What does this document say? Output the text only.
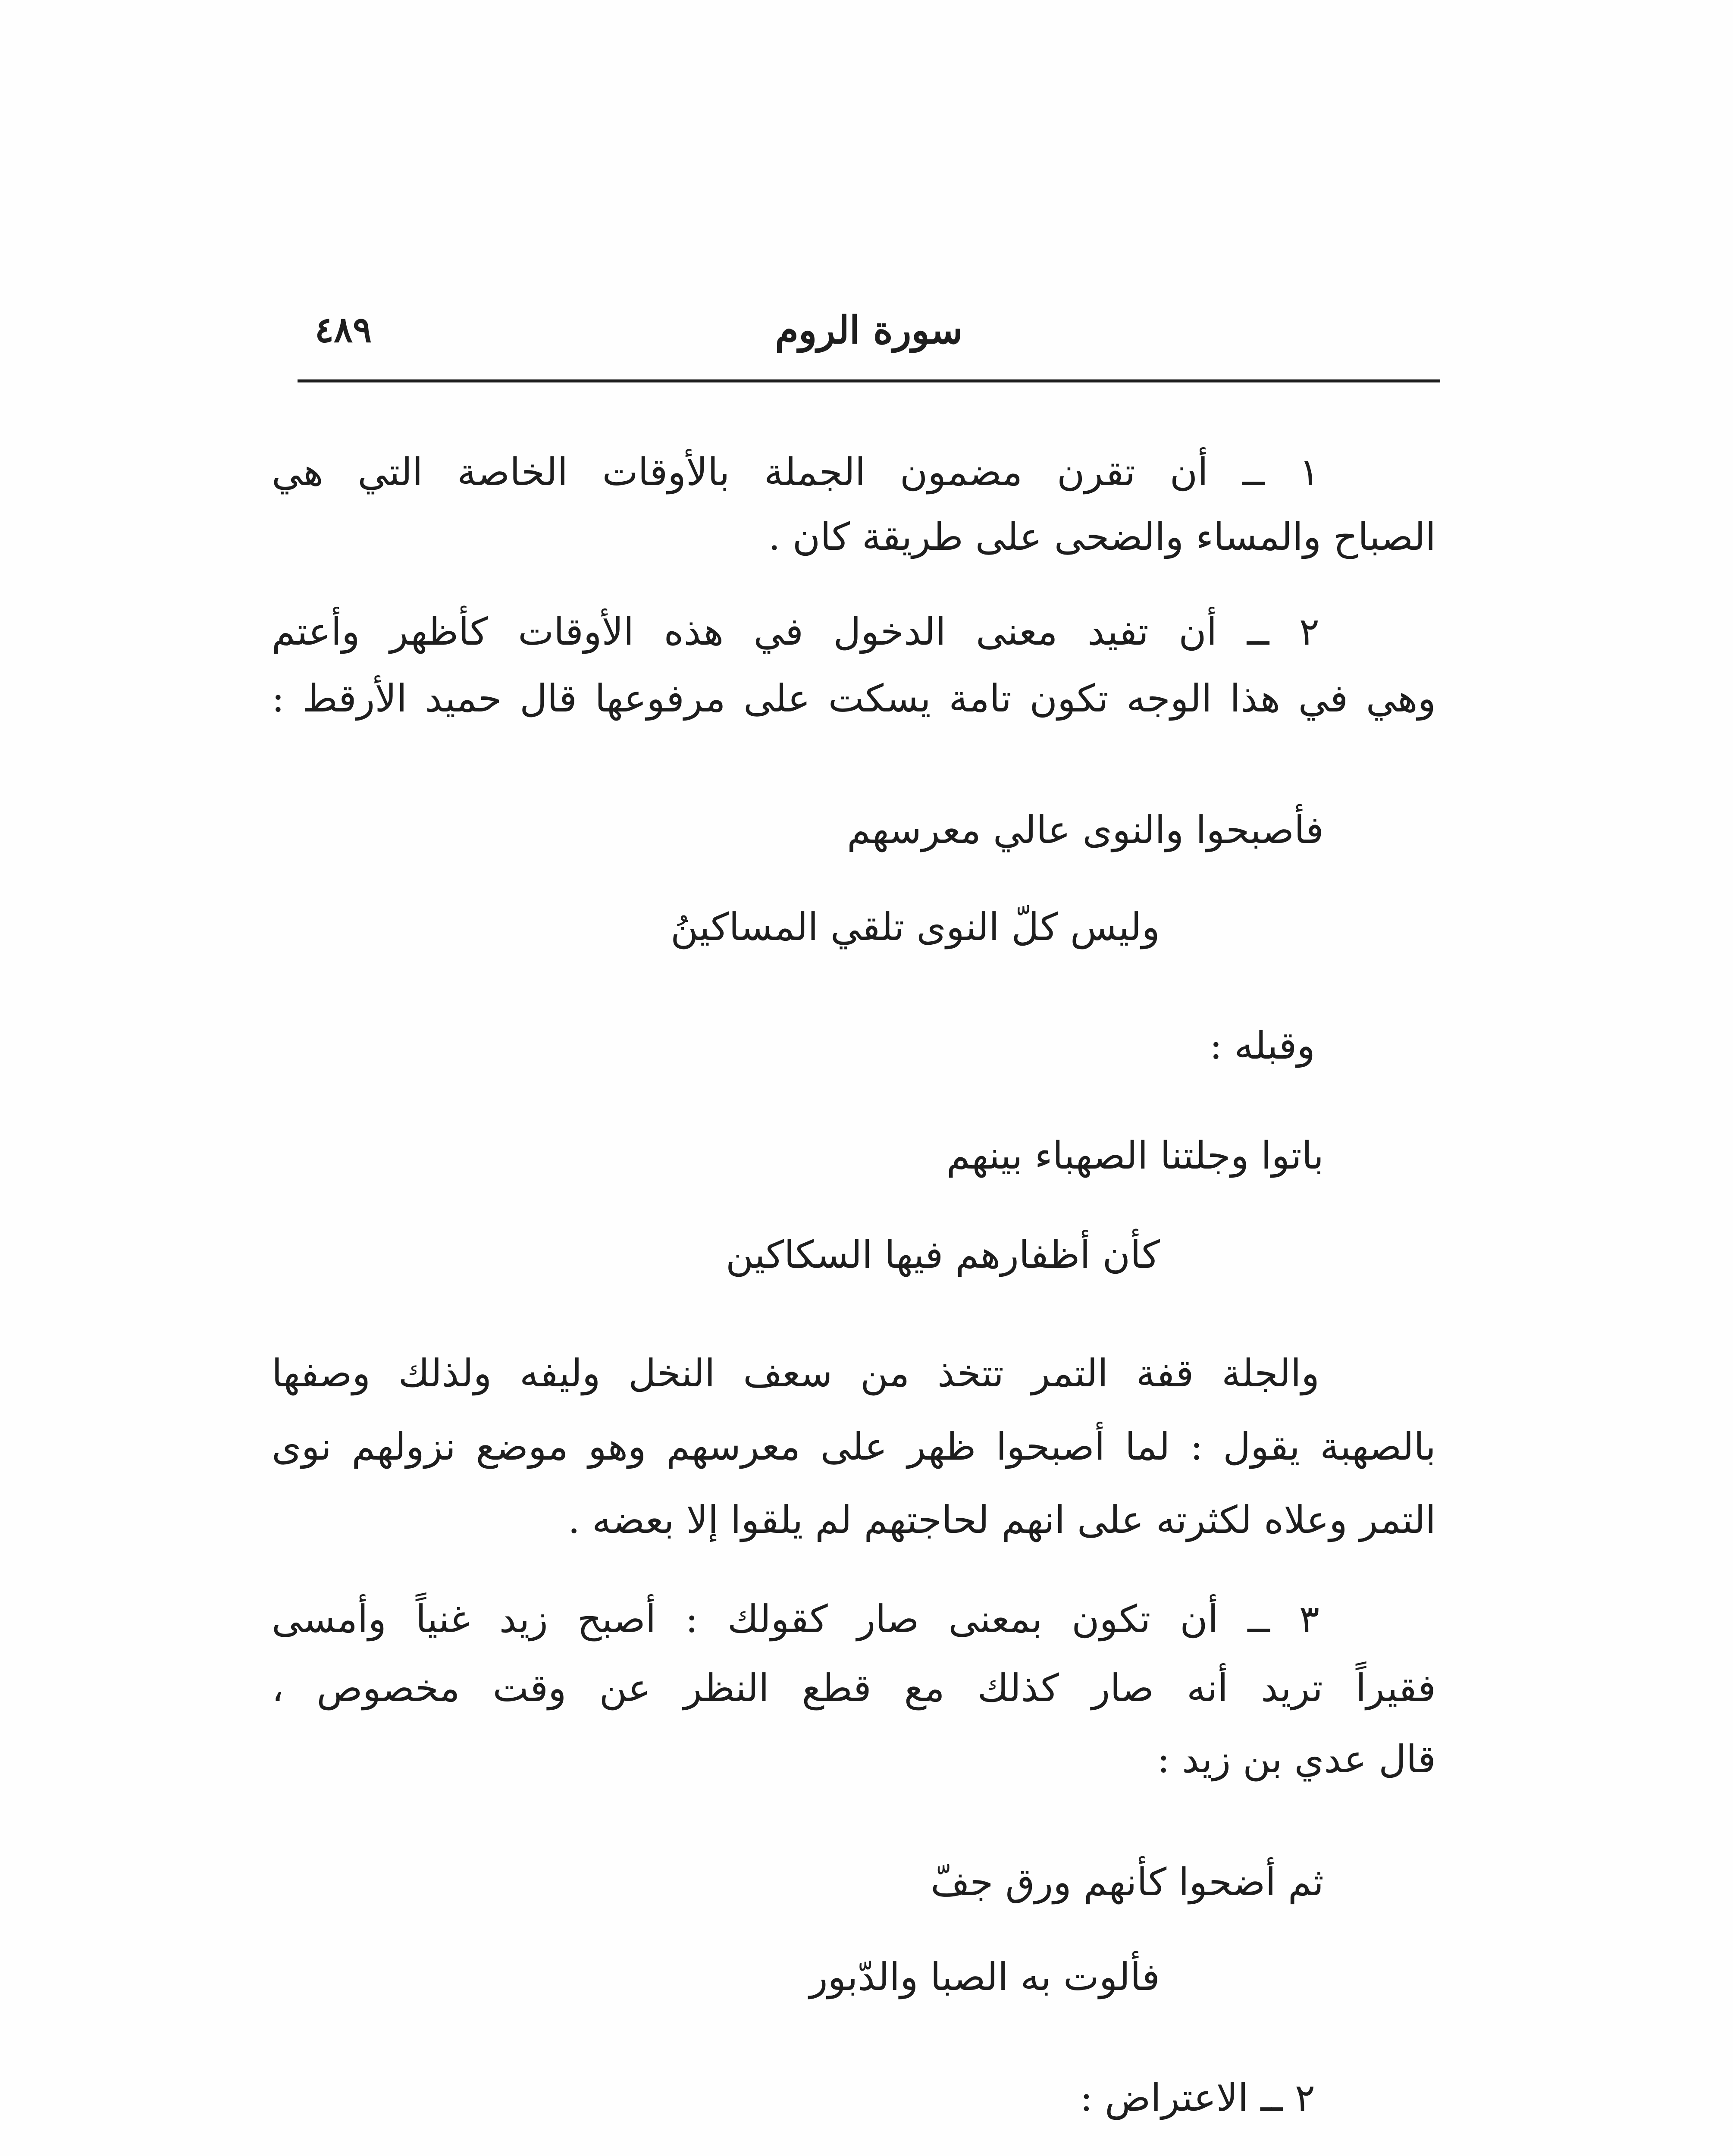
سورة الروم
٤٨٩
١ ــ أن تقرن مضمون الجملة بالأوقات الخاصة التي هي
الصباح والمساء والضحى على طريقة كان .
٢ ــ أن تفيد معنى الدخول في هذه الأوقات كأظهر وأعتم
وهي في هذا الوجه تكون تامة يسكت على مرفوعها قال حميد الأرقط :
فأصبحوا والنوى عالي معرسهم
وليس كلّ النوى تلقي المساكينُ
وقبله :
باتوا وجلتنا الصهباء بينهم
كأن أظفارهم فيها السكاكين
والجلة قفة التمر تتخذ من سعف النخل وليفه ولذلك وصفها
بالصهبة يقول : لما أصبحوا ظهر على معرسهم وهو موضع نزولهم نوى
التمر وعلاه لكثرته على انهم لحاجتهم لم يلقوا إلا بعضه .
٣ ــ أن تكون بمعنى صار كقولك : أصبح زيد غنياً وأمسى
فقيراً تريد أنه صار كذلك مع قطع النظر عن وقت مخصوص ،
قال عدي بن زيد :
ثم أضحوا كأنهم ورق جفّ
فألوت به الصبا والدّبور
٢ ــ الاعتراض :
